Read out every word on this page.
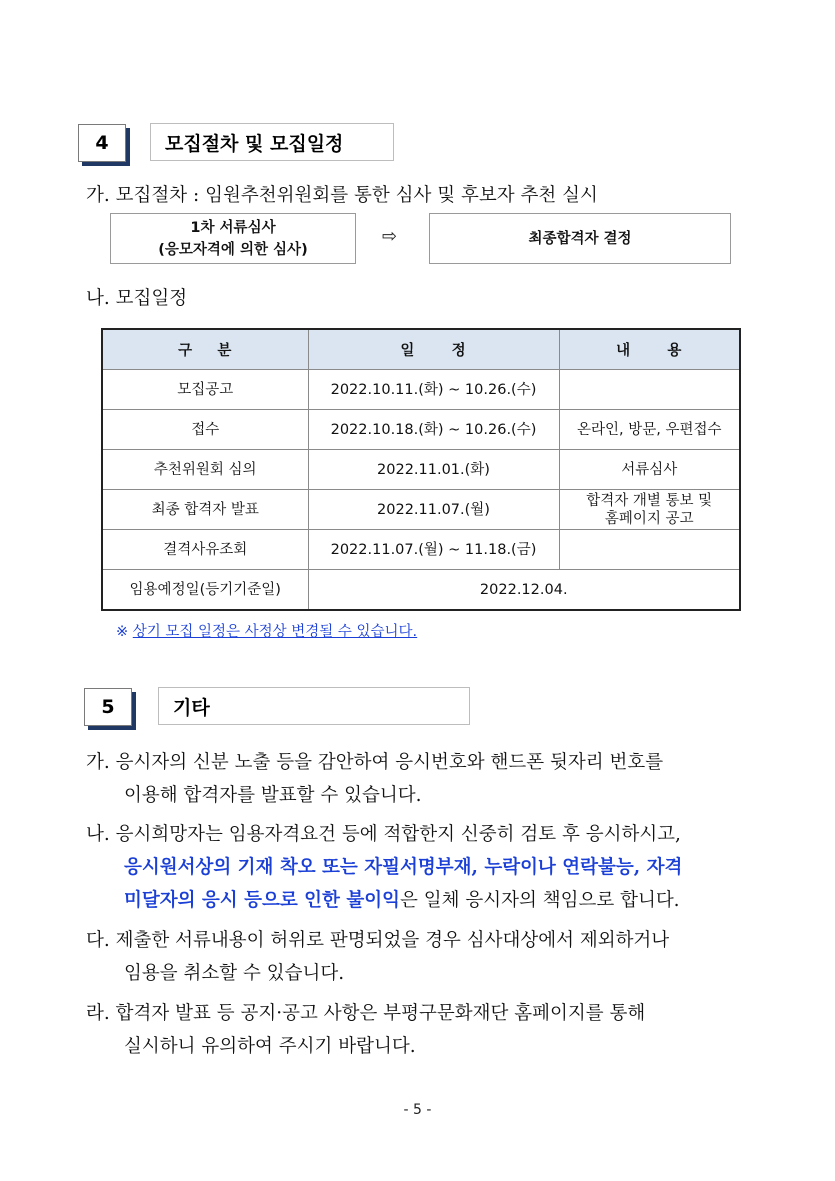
4	모집절차 및 모집일정
가. 모집절차 : 임원추천위원회를 통한 심사 및 후보자 추천 실시
1차 서류심사
(응모자격에 의한 심사)
⇨	최종합격자 결정
나. 모집일정
구    분	일      정	내      용
모집공고	2022.10.11.(화) ~ 10.26.(수)	
접수	2022.10.18.(화) ~ 10.26.(수)	온라인, 방문, 우편접수
추천위원회 심의	2022.11.01.(화)	서류심사
최종 합격자 발표	2022.11.07.(월)	합격자 개별 통보 및
홈페이지 공고
결격사유조회	2022.11.07.(월) ~ 11.18.(금)	
임용예정일(등기기준일)	2022.12.04.	
※ 상기 모집 일정은 사정상 변경될 수 있습니다.
5	기타
가. 응시자의 신분 노출 등을 감안하여 응시번호와 핸드폰 뒷자리 번호를
이용해 합격자를 발표할 수 있습니다.
나. 응시희망자는 임용자격요건 등에 적합한지 신중히 검토 후 응시하시고,
응시원서상의 기재 착오 또는 자필서명부재, 누락이나 연락불능, 자격
미달자의 응시 등으로 인한 불이익은 일체 응시자의 책임으로 합니다.
다. 제출한 서류내용이 허위로 판명되었을 경우 심사대상에서 제외하거나
임용을 취소할 수 있습니다.
라. 합격자 발표 등 공지·공고 사항은 부평구문화재단 홈페이지를 통해
실시하니 유의하여 주시기 바랍니다.
- 5 -
